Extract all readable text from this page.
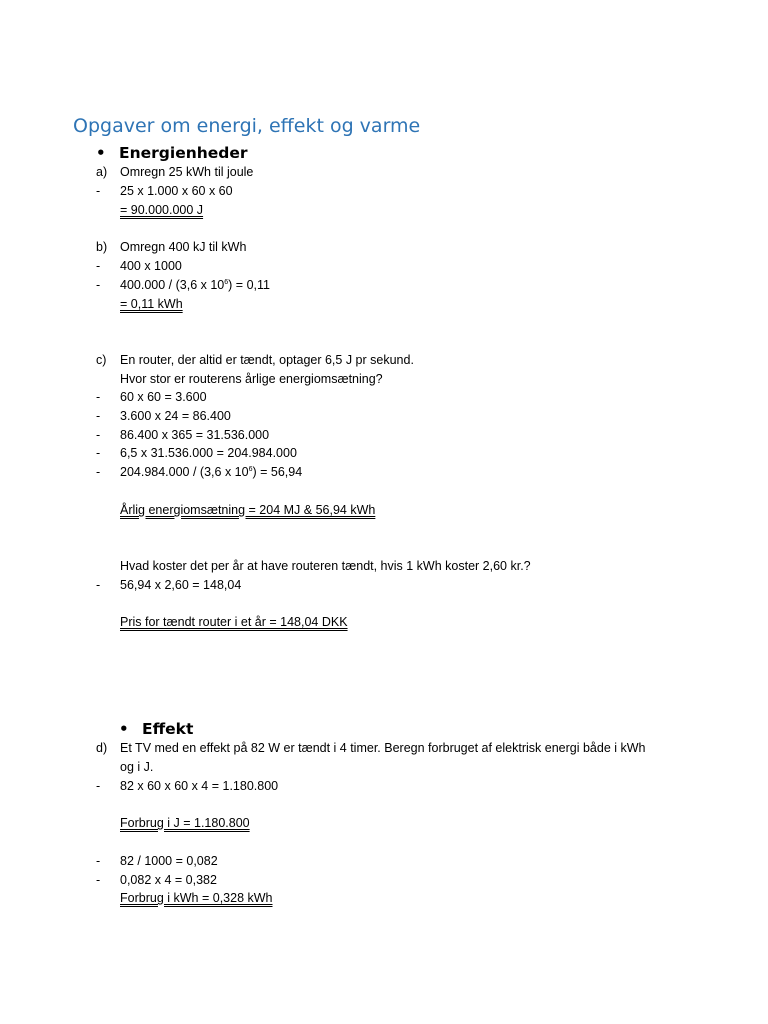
Opgaver om energi, effekt og varme
• Energienheder
a) Omregn 25 kWh til joule
- 25 x 1.000 x 60 x 60
= 90.000.000 J
b) Omregn 400 kJ til kWh
- 400 x 1000
- 400.000 / (3,6 x $10^6) = 0,11$
= 0,11 kWh
c) En router, der altid er tændt, optager 6,5 J pr sekund.
Hvor stor er routerens årlige energiomsætning?
- 60 x 60 = 3.600
- 3.600 x 24 = 86.400
- 86.400 x 365 = 31.536.000
- 6,5 x 31.536.000 = 204.984.000
- 204.984.000 / (3,6 x $10^6) = 56,94$
Årlig energiomsætning = 204 MJ & 56,94 kWh
Hvad koster det per år at have routeren tændt, hvis 1 kWh koster 2,60 kr.?
- 56,94 x 2,60 = 148,04
Pris for tændt router i et år = 148,04 DKK
• Effekt
d) Et TV med en effekt på 82 W er tændt i 4 timer. Beregn forbruget af elektrisk energi både i kWh
og i J.
- 82 x 60 x 60 x 4 = 1.180.800
Forbrug i J = 1.180.800
- 82 / 1000 = 0,082
- 0,082 x 4 = 0,382
Forbrug i kWh = 0,328 kWh
